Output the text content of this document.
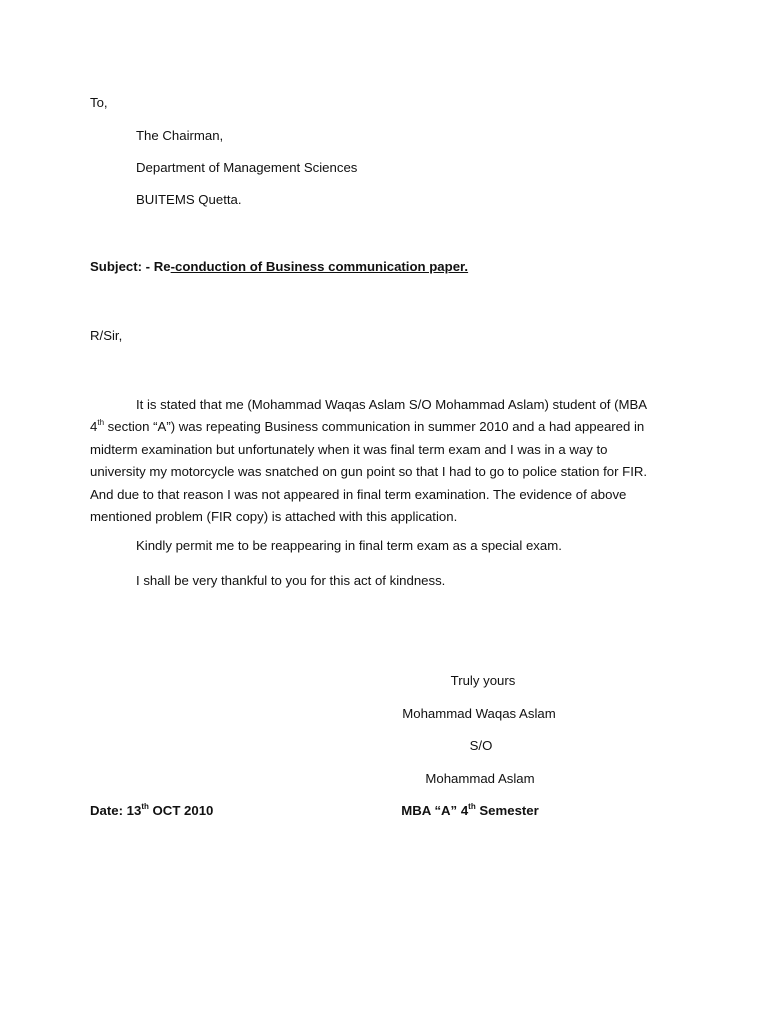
To,
The Chairman,
Department of Management Sciences
BUITEMS Quetta.
Subject: - Re-conduction of Business communication paper.
R/Sir,
It is stated that me (Mohammad Waqas Aslam S/O Mohammad Aslam) student of (MBA
4th section “A”) was repeating Business communication in summer 2010 and a had appeared in
midterm examination but unfortunately when it was final term exam and I was in a way to
university my motorcycle was snatched on gun point so that I had to go to police station for FIR.
And due to that reason I was not appeared in final term examination. The evidence of above
mentioned problem (FIR copy) is attached with this application.
Kindly permit me to be reappearing in final term exam as a special exam.
I shall be very thankful to you for this act of kindness.
Truly yours
Mohammad Waqas Aslam
S/O
Mohammad Aslam
MBA “A” 4th Semester
Date: 13th OCT 2010
